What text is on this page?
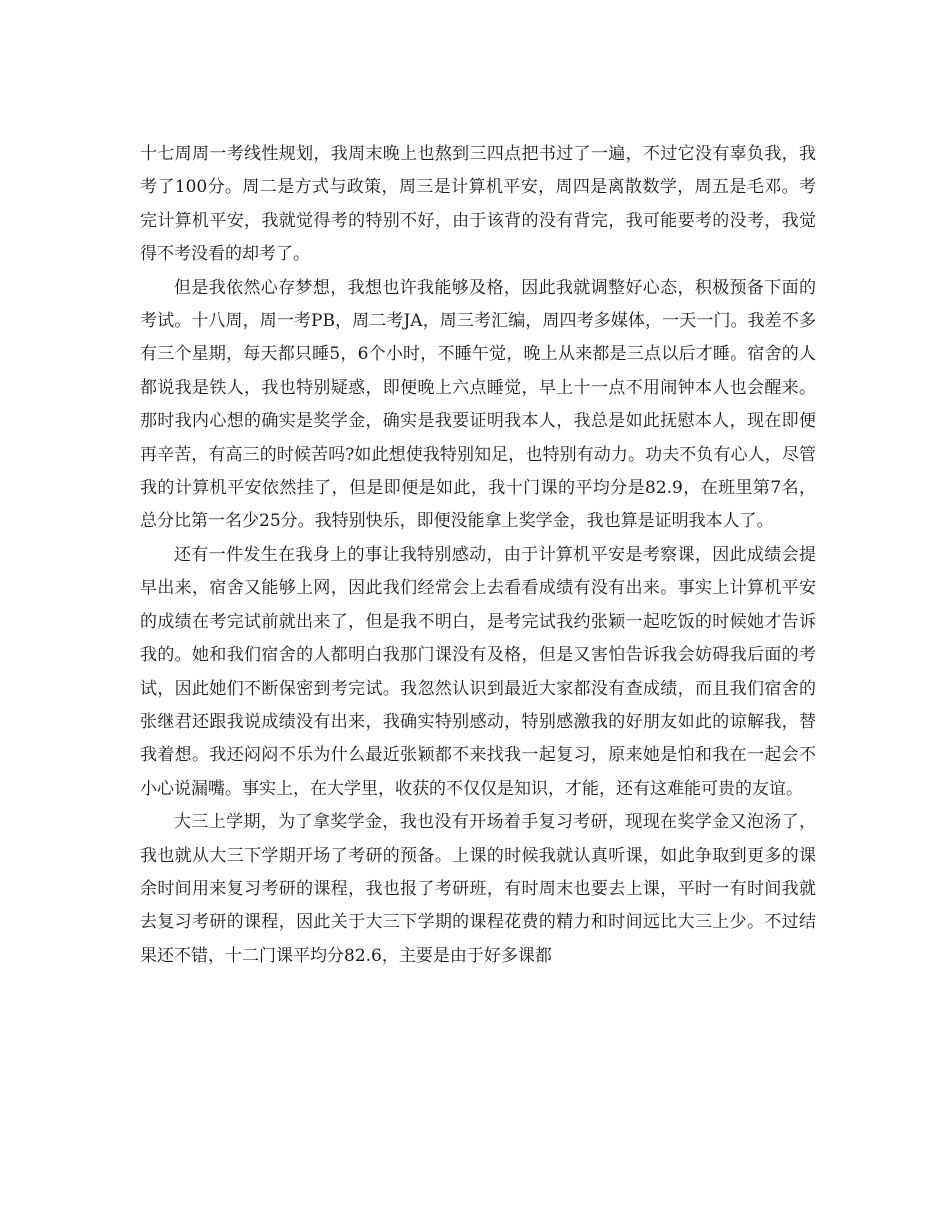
十七周周一考线性规划，我周末晚上也熬到三四点把书过了一遍，不过它没有辜负我，我考了100分。周二是方式与政策，周三是计算机平安，周四是离散数学，周五是毛邓。考完计算机平安，我就觉得考的特别不好，由于该背的没有背完，我可能要考的没考，我觉得不考没看的却考了。

但是我依然心存梦想，我想也许我能够及格，因此我就调整好心态，积极预备下面的考试。十八周，周一考PB，周二考JA，周三考汇编，周四考多媒体，一天一门。我差不多有三个星期，每天都只睡5，6个小时，不睡午觉，晚上从来都是三点以后才睡。宿舍的人都说我是铁人，我也特别疑惑，即便晚上六点睡觉，早上十一点不用闹钟本人也会醒来。那时我内心想的确实是奖学金，确实是我要证明我本人，我总是如此抚慰本人，现在即便再辛苦，有高三的时候苦吗?如此想使我特别知足，也特别有动力。功夫不负有心人，尽管我的计算机平安依然挂了，但是即便是如此，我十门课的平均分是82.9，在班里第7名，总分比第一名少25分。我特别快乐，即便没能拿上奖学金，我也算是证明我本人了。

还有一件发生在我身上的事让我特别感动，由于计算机平安是考察课，因此成绩会提早出来，宿舍又能够上网，因此我们经常会上去看看成绩有没有出来。事实上计算机平安的成绩在考完试前就出来了，但是我不明白，是考完试我约张颖一起吃饭的时候她才告诉我的。她和我们宿舍的人都明白我那门课没有及格，但是又害怕告诉我会妨碍我后面的考试，因此她们不断保密到考完试。我忽然认识到最近大家都没有查成绩，而且我们宿舍的张继君还跟我说成绩没有出来，我确实特别感动，特别感激我的好朋友如此的谅解我，替我着想。我还闷闷不乐为什么最近张颖都不来找我一起复习，原来她是怕和我在一起会不小心说漏嘴。事实上，在大学里，收获的不仅仅是知识，才能，还有这难能可贵的友谊。

大三上学期，为了拿奖学金，我也没有开场着手复习考研，现现在奖学金又泡汤了，我也就从大三下学期开场了考研的预备。上课的时候我就认真听课，如此争取到更多的课余时间用来复习考研的课程，我也报了考研班，有时周末也要去上课，平时一有时间我就去复习考研的课程，因此关于大三下学期的课程花费的精力和时间远比大三上少。不过结果还不错，十二门课平均分82.6，主要是由于好多课都
